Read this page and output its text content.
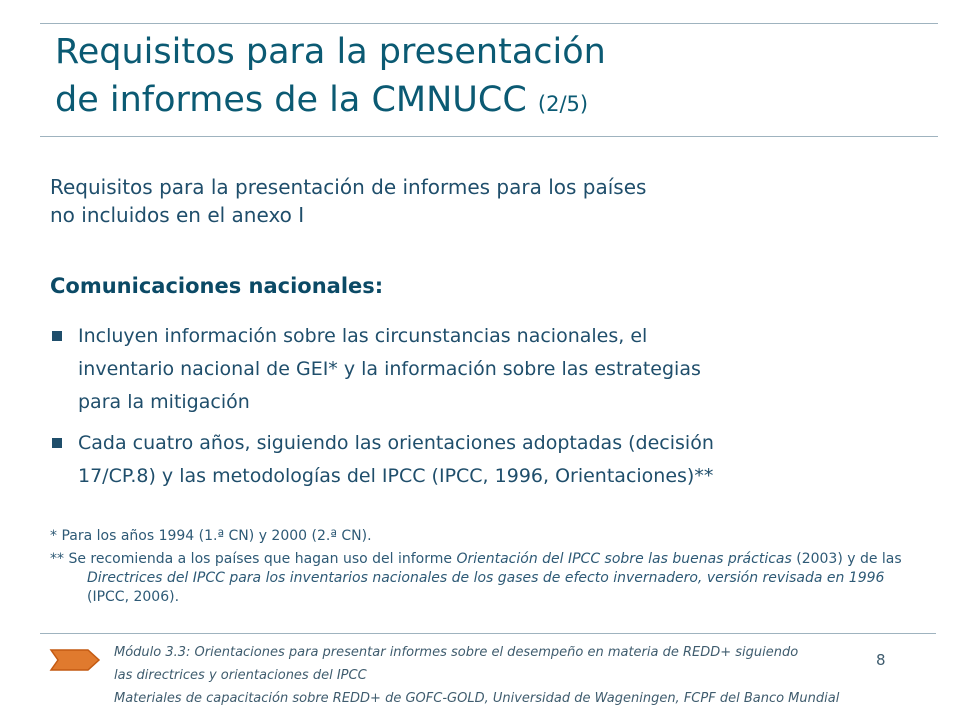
Requisitos para la presentación
de informes de la CMNUCC (2/5)
Requisitos para la presentación de informes para los países
no incluidos en el anexo I
Comunicaciones nacionales:
Incluyen información sobre las circunstancias nacionales, el
inventario nacional de GEI* y la información sobre las estrategias
para la mitigación
Cada cuatro años, siguiendo las orientaciones adoptadas (decisión
17/CP.8) y las metodologías del IPCC (IPCC, 1996, Orientaciones)**
* Para los años 1994 (1.ª CN) y 2000 (2.ª CN).
** Se recomienda a los países que hagan uso del informe Orientación del IPCC sobre las buenas prácticas (2003) y de las Directrices del IPCC para los inventarios nacionales de los gases de efecto invernadero, versión revisada en 1996 (IPCC, 2006).
Módulo 3.3: Orientaciones para presentar informes sobre el desempeño en materia de REDD+ siguiendo
las directrices y orientaciones del IPCC
Materiales de capacitación sobre REDD+ de GOFC-GOLD, Universidad de Wageningen, FCPF del Banco Mundial
8
